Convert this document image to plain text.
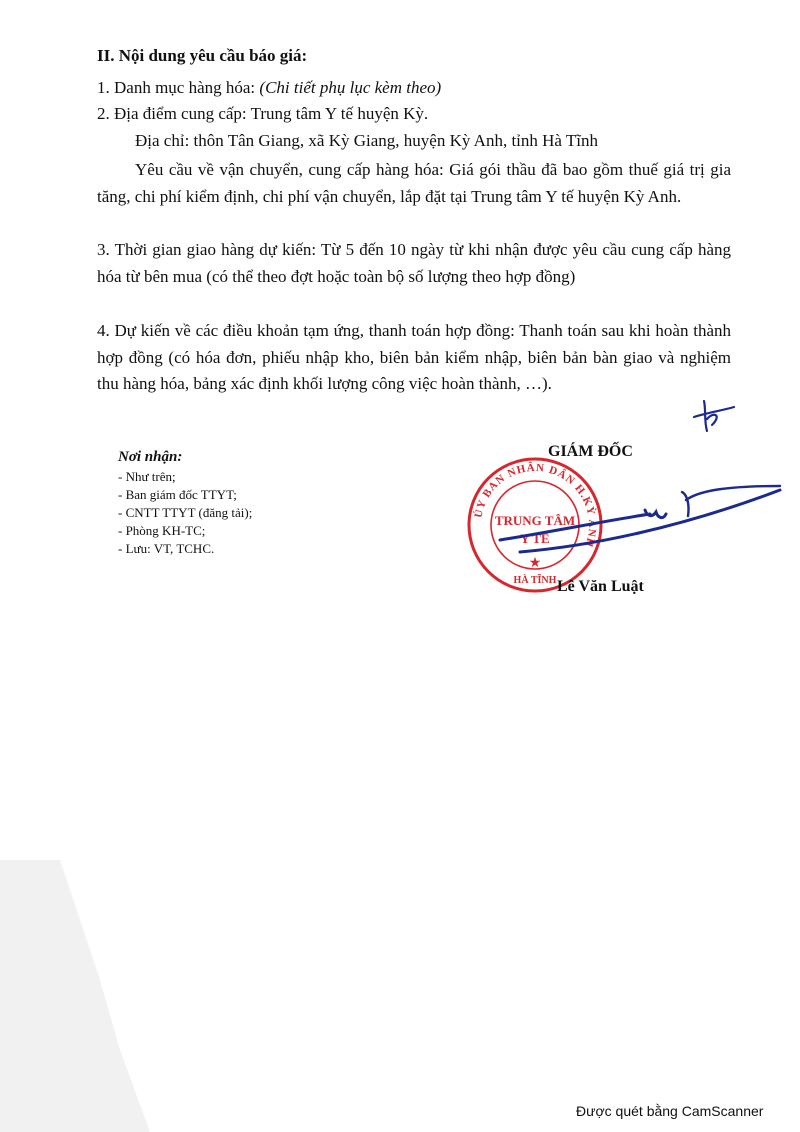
II. Nội dung yêu cầu báo giá:
1. Danh mục hàng hóa: (Chi tiết phụ lục kèm theo)
2. Địa điểm cung cấp: Trung tâm Y tế huyện Kỳ.
Địa chỉ: thôn Tân Giang, xã Kỳ Giang, huyện Kỳ Anh, tỉnh Hà Tĩnh
Yêu cầu về vận chuyển, cung cấp hàng hóa: Giá gói thầu đã bao gồm thuế giá trị gia tăng, chi phí kiểm định, chi phí vận chuyển, lắp đặt tại Trung tâm Y tế huyện Kỳ Anh.
3. Thời gian giao hàng dự kiến: Từ 5 đến 10 ngày từ khi nhận được yêu cầu cung cấp hàng hóa từ bên mua (có thể theo đợt hoặc toàn bộ số lượng theo hợp đồng)
4. Dự kiến về các điều khoản tạm ứng, thanh toán hợp đồng: Thanh toán sau khi hoàn thành hợp đồng (có hóa đơn, phiếu nhập kho, biên bản kiểm nhập, biên bản bàn giao và nghiệm thu hàng hóa, bảng xác định khối lượng công việc hoàn thành, …).
Nơi nhận:
- Như trên;
- Ban giám đốc TTYT;
- CNTT TTYT (đăng tải);
- Phòng KH-TC;
- Lưu: VT, TCHC.
GIÁM ĐỐC
ỦY BAN NHÂN DÂN H.KỲ ANH
HÀ TĨNH
TRUNG TÂM
Y TẾ
★
Lê Văn Luật
Được quét bằng CamScanner
